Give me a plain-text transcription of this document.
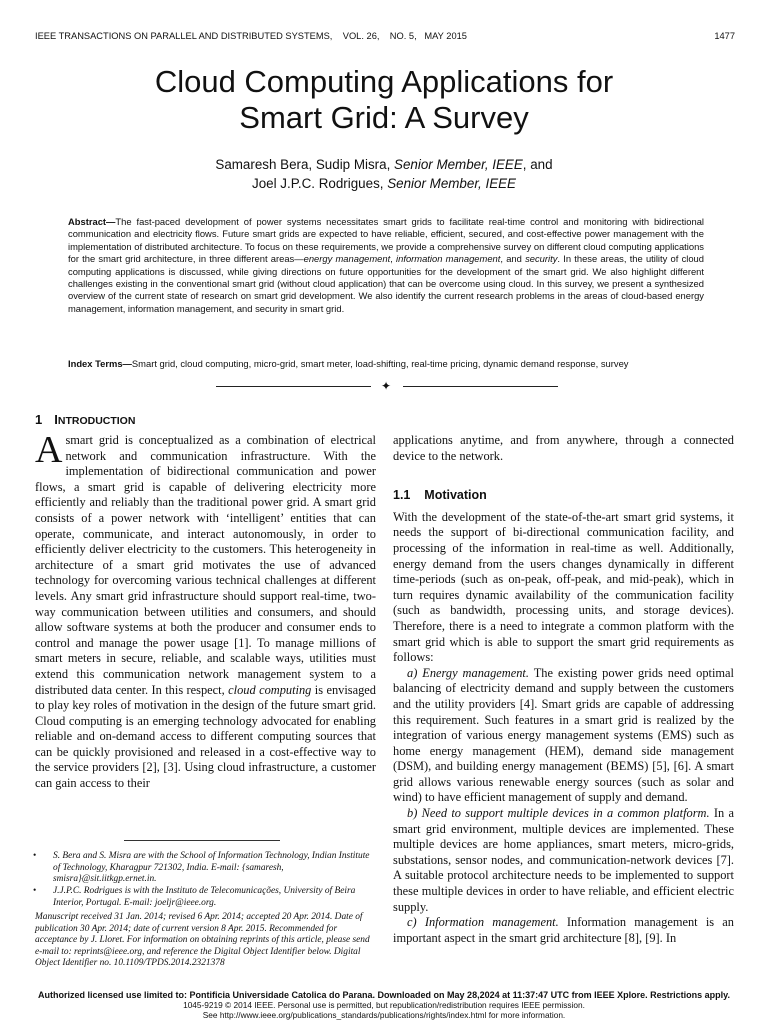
IEEE TRANSACTIONS ON PARALLEL AND DISTRIBUTED SYSTEMS, VOL. 26, NO. 5, MAY 2015	1477
Cloud Computing Applications for
Smart Grid: A Survey
Samaresh Bera, Sudip Misra, Senior Member, IEEE, and
Joel J.P.C. Rodrigues, Senior Member, IEEE
Abstract—The fast-paced development of power systems necessitates smart grids to facilitate real-time control and monitoring with bidirectional communication and electricity flows. Future smart grids are expected to have reliable, efficient, secured, and cost-effective power management with the implementation of distributed architecture. To focus on these requirements, we provide a comprehensive survey on different cloud computing applications for the smart grid architecture, in three different areas—energy management, information management, and security. In these areas, the utility of cloud computing applications is discussed, while giving directions on future opportunities for the development of the smart grid. We also highlight different challenges existing in the conventional smart grid (without cloud application) that can be overcome using cloud. In this survey, we present a synthesized overview of the current state of research on smart grid development. We also identify the current research problems in the areas of cloud-based energy management, information management, and security in smart grid.
Index Terms—Smart grid, cloud computing, micro-grid, smart meter, load-shifting, real-time pricing, dynamic demand response, survey
✦
1 INTRODUCTION

Asmart grid is conceptualized as a combination of electrical network and communication infrastructure. With the implementation of bidirectional communication and power flows, a smart grid is capable of delivering electricity more efficiently and reliably than the traditional power grid. A smart grid consists of a power network with ‘intelligent’ entities that can operate, communicate, and interact autonomously, in order to efficiently deliver electricity to the customers. This heterogeneity in architecture of a smart grid motivates the use of advanced technology for overcoming various technical challenges at different levels. Any smart grid infrastructure should support real-time, two-way communication between utilities and consumers, and should allow software systems at both the producer and consumer ends to control and manage the power usage [1]. To manage millions of smart meters in secure, reliable, and scalable ways, utilities must extend this communication network management system to a distributed data center. In this respect, cloud computing is envisaged to play key roles of motivation in the design of the future smart grid. Cloud computing is an emerging technology advocated for enabling reliable and on-demand access to different computing sources that can be quickly provisioned and released in a cost-effective way to the service providers [2], [3]. Using cloud infrastructure, a customer can gain access to their

applications anytime, and from anywhere, through a connected device to the network.

1.1 Motivation

With the development of the state-of-the-art smart grid systems, it needs the support of bi-directional communication facility, and processing of the information in real-time as well. Additionally, energy demand from the users changes dynamically in different time-periods (such as on-peak, off-peak, and mid-peak), which in turn requires dynamic availability of the communication facility (such as bandwidth, processing units, and storage devices). Therefore, there is a need to integrate a common platform with the smart grid which is able to support the smart grid requirements as follows:

a) Energy management. The existing power grids need optimal balancing of electricity demand and supply between the customers and the utility providers [4]. Smart grids are capable of addressing this requirement. Such features in a smart grid is realized by the integration of various energy management systems (EMS) such as home energy management (HEM), demand side management (DSM), and building energy management (BEMS) [5], [6]. A smart grid allows various renewable energy sources (such as solar and wind) to have efficient management of supply and demand.

b) Need to support multiple devices in a common platform. In a smart grid environment, multiple devices are implemented. These multiple devices are home appliances, smart meters, micro-grids, substations, sensor nodes, and communication-network devices [7]. A suitable protocol architecture needs to be implemented to support these multiple devices in order to have reliable, and efficient electric supply.

c) Information management. Information management is an important aspect in the smart grid architecture [8], [9]. In

• S. Bera and S. Misra are with the School of Information Technology, Indian Institute of Technology, Kharagpur 721302, India. E-mail: {samaresh, smisra}@sit.iitkgp.ernet.in.
• J.J.P.C. Rodrigues is with the Instituto de Telecomunicações, University of Beira Interior, Portugal. E-mail: joeljr@ieee.org.
Manuscript received 31 Jan. 2014; revised 6 Apr. 2014; accepted 20 Apr. 2014. Date of publication 30 Apr. 2014; date of current version 8 Apr. 2015. Recommended for acceptance by J. Lloret. For information on obtaining reprints of this article, please send e-mail to: reprints@ieee.org, and reference the Digital Object Identifier below. Digital Object Identifier no. 10.1109/TPDS.2014.2321378
Authorized licensed use limited to: Pontificia Universidade Catolica do Parana. Downloaded on May 28,2024 at 11:37:47 UTC from IEEE Xplore. Restrictions apply.
1045-9219 © 2014 IEEE. Personal use is permitted, but republication/redistribution requires IEEE permission.
See http://www.ieee.org/publications_standards/publications/rights/index.html for more information.
